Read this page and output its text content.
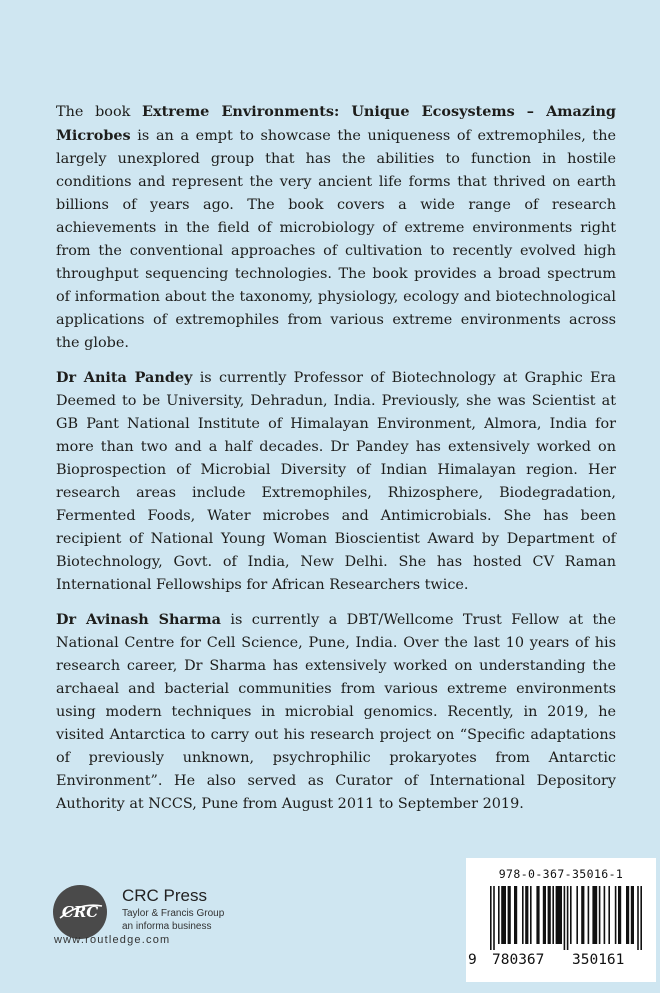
The book Extreme Environments: Unique Ecosystems – Amazing Microbes is an a empt to showcase the uniqueness of extremophiles, the largely unexplored group that has the abilities to function in hostile conditions and represent the very ancient life forms that thrived on earth billions of years ago. The book covers a wide range of research achievements in the field of microbiology of extreme environments right from the conventional approaches of cultivation to recently evolved high throughput sequencing technologies. The book provides a broad spectrum of information about the taxonomy, physiology, ecology and biotechnological applications of extremophiles from various extreme environments across the globe.

Dr Anita Pandey is currently Professor of Biotechnology at Graphic Era Deemed to be University, Dehradun, India. Previously, she was Scientist at GB Pant National Institute of Himalayan Environment, Almora, India for more than two and a half decades. Dr Pandey has extensively worked on Bioprospection of Microbial Diversity of Indian Himalayan region. Her research areas include Extremophiles, Rhizosphere, Biodegradation, Fermented Foods, Water microbes and Antimicrobials. She has been recipient of National Young Woman Bioscientist Award by Department of Biotechnology, Govt. of India, New Delhi. She has hosted CV Raman International Fellowships for African Researchers twice.

Dr Avinash Sharma is currently a DBT/Wellcome Trust Fellow at the National Centre for Cell Science, Pune, India. Over the last 10 years of his research career, Dr Sharma has extensively worked on understanding the archaeal and bacterial communities from various extreme environments using modern techniques in microbial genomics. Recently, in 2019, he visited Antarctica to carry out his research project on “Specific adaptations of previously unknown, psychrophilic prokaryotes from Antarctic Environment”. He also served as Curator of International Depository Authority at NCCS, Pune from August 2011 to September 2019.

CRC
CRC Press
Taylor & Francis Group
an informa business
www.routledge.com
978-0-367-35016-1
9 780367 350161
